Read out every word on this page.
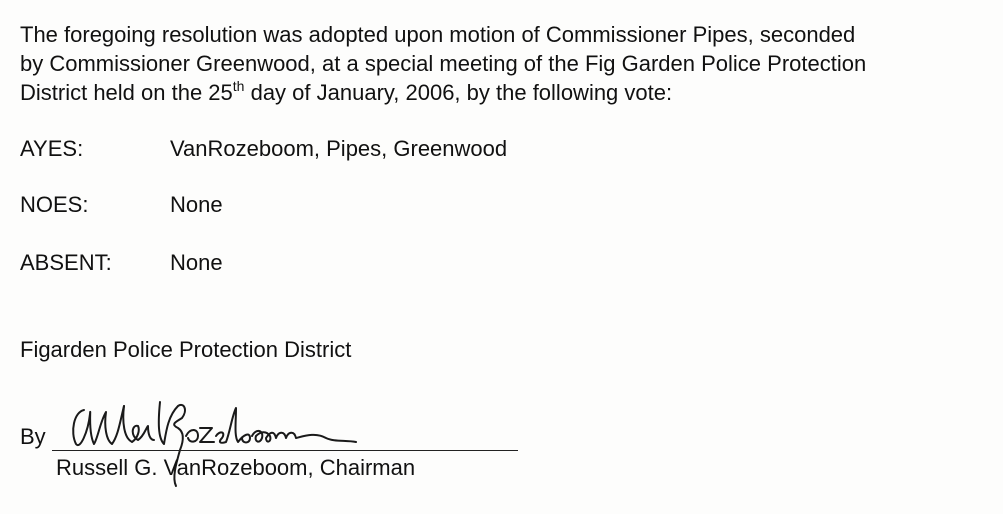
The foregoing resolution was adopted upon motion of Commissioner Pipes, seconded
by Commissioner Greenwood, at a special meeting of the Fig Garden Police Protection
District held on the 25th day of January, 2006, by the following vote:

AYES:	VanRozeboom, Pipes, Greenwood
NOES:	None
ABSENT:	None
Figarden Police Protection District
By
Russell G. VanRozeboom, Chairman
